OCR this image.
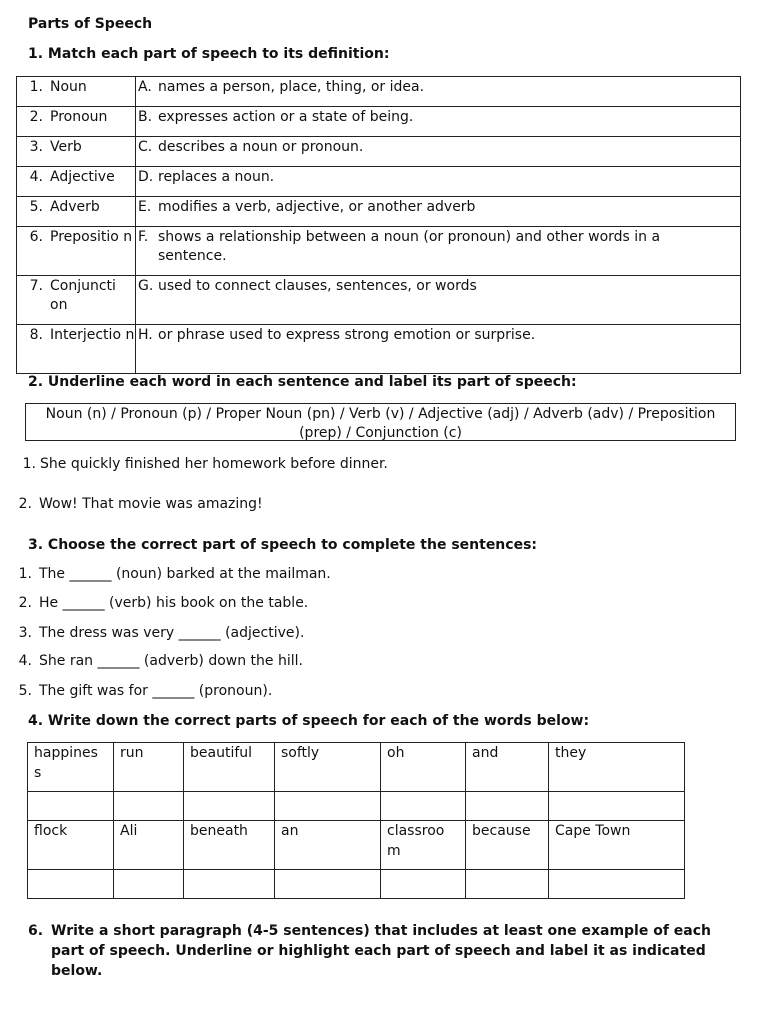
Parts of Speech
1. Match each part of speech to its definition:
1. Noun	A. names a person, place, thing, or idea.

2. Pronoun	B. expresses action or a state of being.

3. Verb	C. describes a noun or pronoun.

4. Adjective	D. replaces a noun.

5. Adverb	E. modifies a verb, adjective, or another adverb

6. Prepositio n	F. shows a relationship between a noun (or pronoun) and other words in a sentence.

7. Conjuncti on	G. used to connect clauses, sentences, or words

8. Interjectio n	H. or phrase used to express strong emotion or surprise.
2. Underline each word in each sentence and label its part of speech:
Noun (n) / Pronoun (p) / Proper Noun (pn) / Verb (v) / Adjective (adj) / Adverb (adv) / Preposition (prep) / Conjunction (c)
1. She quickly finished her homework before dinner.
2. Wow! That movie was amazing!
3. Choose the correct part of speech to complete the sentences:
1. The ______ (noun) barked at the mailman.
2. He ______ (verb) his book on the table.
3. The dress was very ______ (adjective).
4. She ran ______ (adverb) down the hill.
5. The gift was for ______ (pronoun).
4. Write down the correct parts of speech for each of the words below:
happines s	run	beautiful	softly	oh	and	they

flock	Ali	beneath	an	classroo m	because	Cape Town

6. Write a short paragraph (4-5 sentences) that includes at least one example of each part of speech. Underline or highlight each part of speech and label it as indicated below.
